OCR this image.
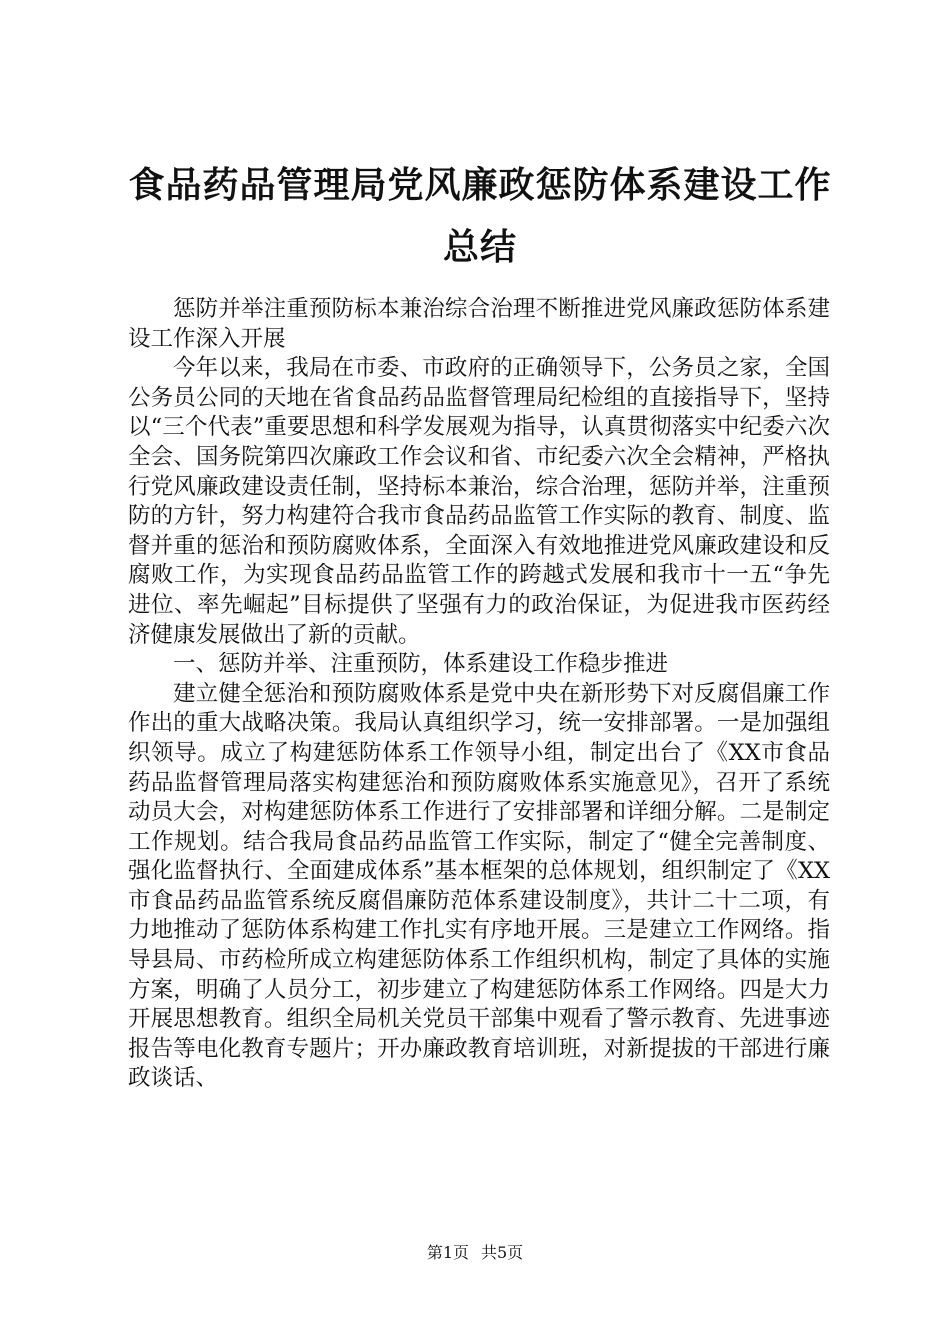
食品药品管理局党风廉政惩防体系建设工作总结

惩防并举注重预防标本兼治综合治理不断推进党风廉政惩防体系建设工作深入开展

今年以来，我局在市委、市政府的正确领导下，公务员之家，全国公务员公同的天地在省食品药品监督管理局纪检组的直接指导下，坚持以“三个代表”重要思想和科学发展观为指导，认真贯彻落实中纪委六次全会、国务院第四次廉政工作会议和省、市纪委六次全会精神，严格执行党风廉政建设责任制，坚持标本兼治，综合治理，惩防并举，注重预防的方针，努力构建符合我市食品药品监管工作实际的教育、制度、监督并重的惩治和预防腐败体系，全面深入有效地推进党风廉政建设和反腐败工作，为实现食品药品监管工作的跨越式发展和我市十一五“争先进位、率先崛起”目标提供了坚强有力的政治保证，为促进我市医药经济健康发展做出了新的贡献。

一、惩防并举、注重预防，体系建设工作稳步推进

建立健全惩治和预防腐败体系是党中央在新形势下对反腐倡廉工作作出的重大战略决策。我局认真组织学习，统一安排部署。一是加强组织领导。成立了构建惩防体系工作领导小组，制定出台了《XX市食品药品监督管理局落实构建惩治和预防腐败体系实施意见》，召开了系统动员大会，对构建惩防体系工作进行了安排部署和详细分解。二是制定工作规划。结合我局食品药品监管工作实际，制定了“健全完善制度、强化监督执行、全面建成体系”基本框架的总体规划，组织制定了《XX市食品药品监管系统反腐倡廉防范体系建设制度》，共计二十二项，有力地推动了惩防体系构建工作扎实有序地开展。三是建立工作网络。指导县局、市药检所成立构建惩防体系工作组织机构，制定了具体的实施方案，明确了人员分工，初步建立了构建惩防体系工作网络。四是大力开展思想教育。组织全局机关党员干部集中观看了警示教育、先进事迹报告等电化教育专题片；开办廉政教育培训班，对新提拔的干部进行廉政谈话、

第1页 共5页
